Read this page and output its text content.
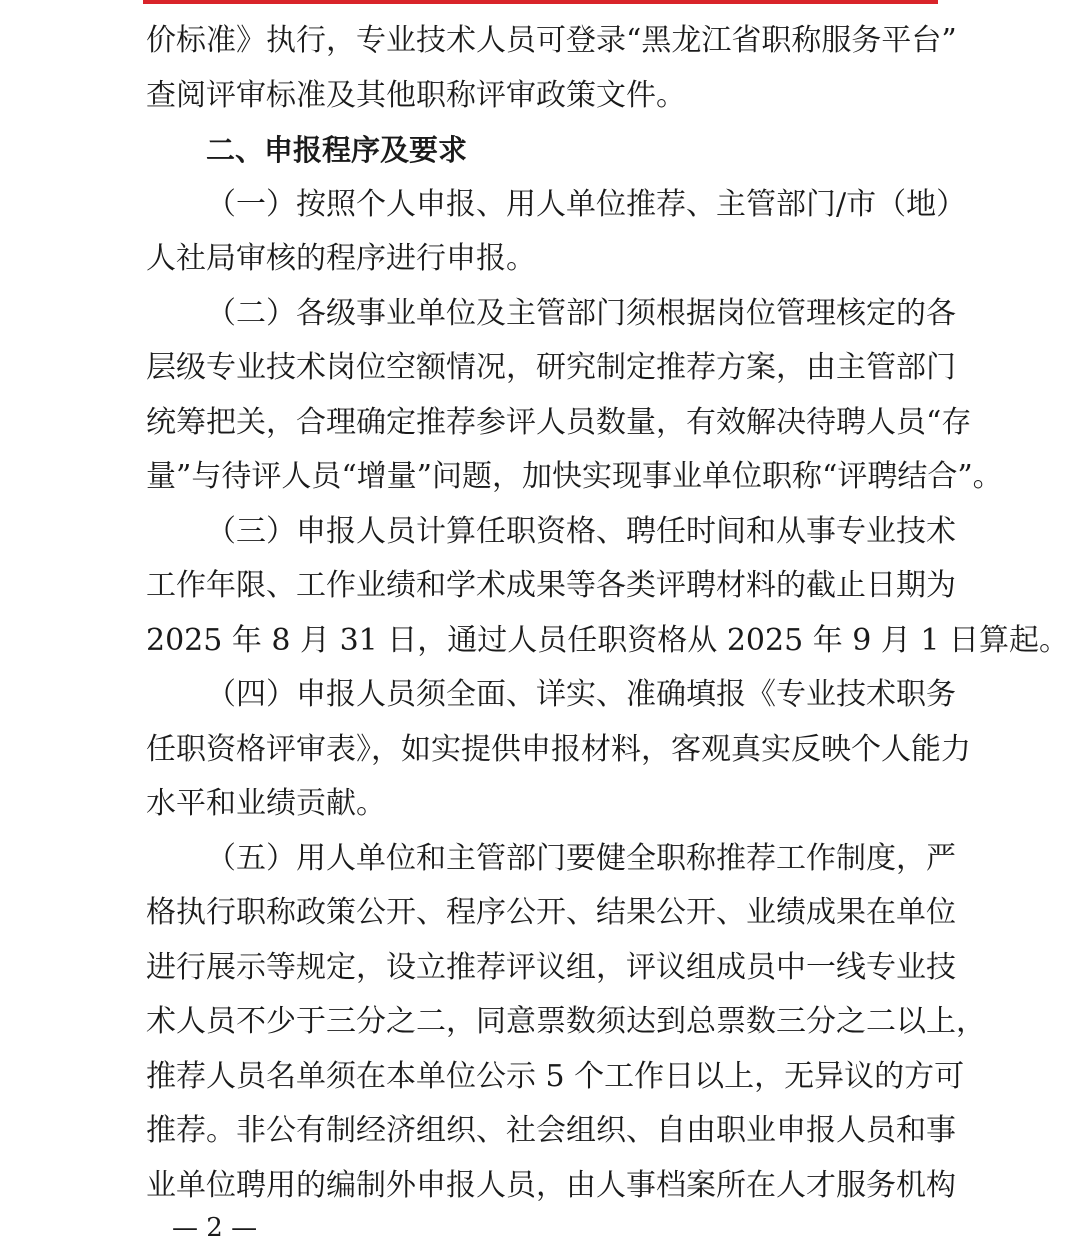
价标准》执行，专业技术人员可登录“黑龙江省职称服务平台”
查阅评审标准及其他职称评审政策文件。
二、申报程序及要求
（一）按照个人申报、用人单位推荐、主管部门/市（地）
人社局审核的程序进行申报。
（二）各级事业单位及主管部门须根据岗位管理核定的各
层级专业技术岗位空额情况，研究制定推荐方案，由主管部门
统筹把关，合理确定推荐参评人员数量，有效解决待聘人员“存
量”与待评人员“增量”问题，加快实现事业单位职称“评聘结合”。
（三）申报人员计算任职资格、聘任时间和从事专业技术
工作年限、工作业绩和学术成果等各类评聘材料的截止日期为
2025 年 8 月 31 日，通过人员任职资格从 2025 年 9 月 1 日算起。
（四）申报人员须全面、详实、准确填报《专业技术职务
任职资格评审表》，如实提供申报材料，客观真实反映个人能力
水平和业绩贡献。
（五）用人单位和主管部门要健全职称推荐工作制度，严
格执行职称政策公开、程序公开、结果公开、业绩成果在单位
进行展示等规定，设立推荐评议组，评议组成员中一线专业技
术人员不少于三分之二，同意票数须达到总票数三分之二以上，
推荐人员名单须在本单位公示 5 个工作日以上，无异议的方可
推荐。非公有制经济组织、社会组织、自由职业申报人员和事
业单位聘用的编制外申报人员，由人事档案所在人才服务机构
— 2 —
